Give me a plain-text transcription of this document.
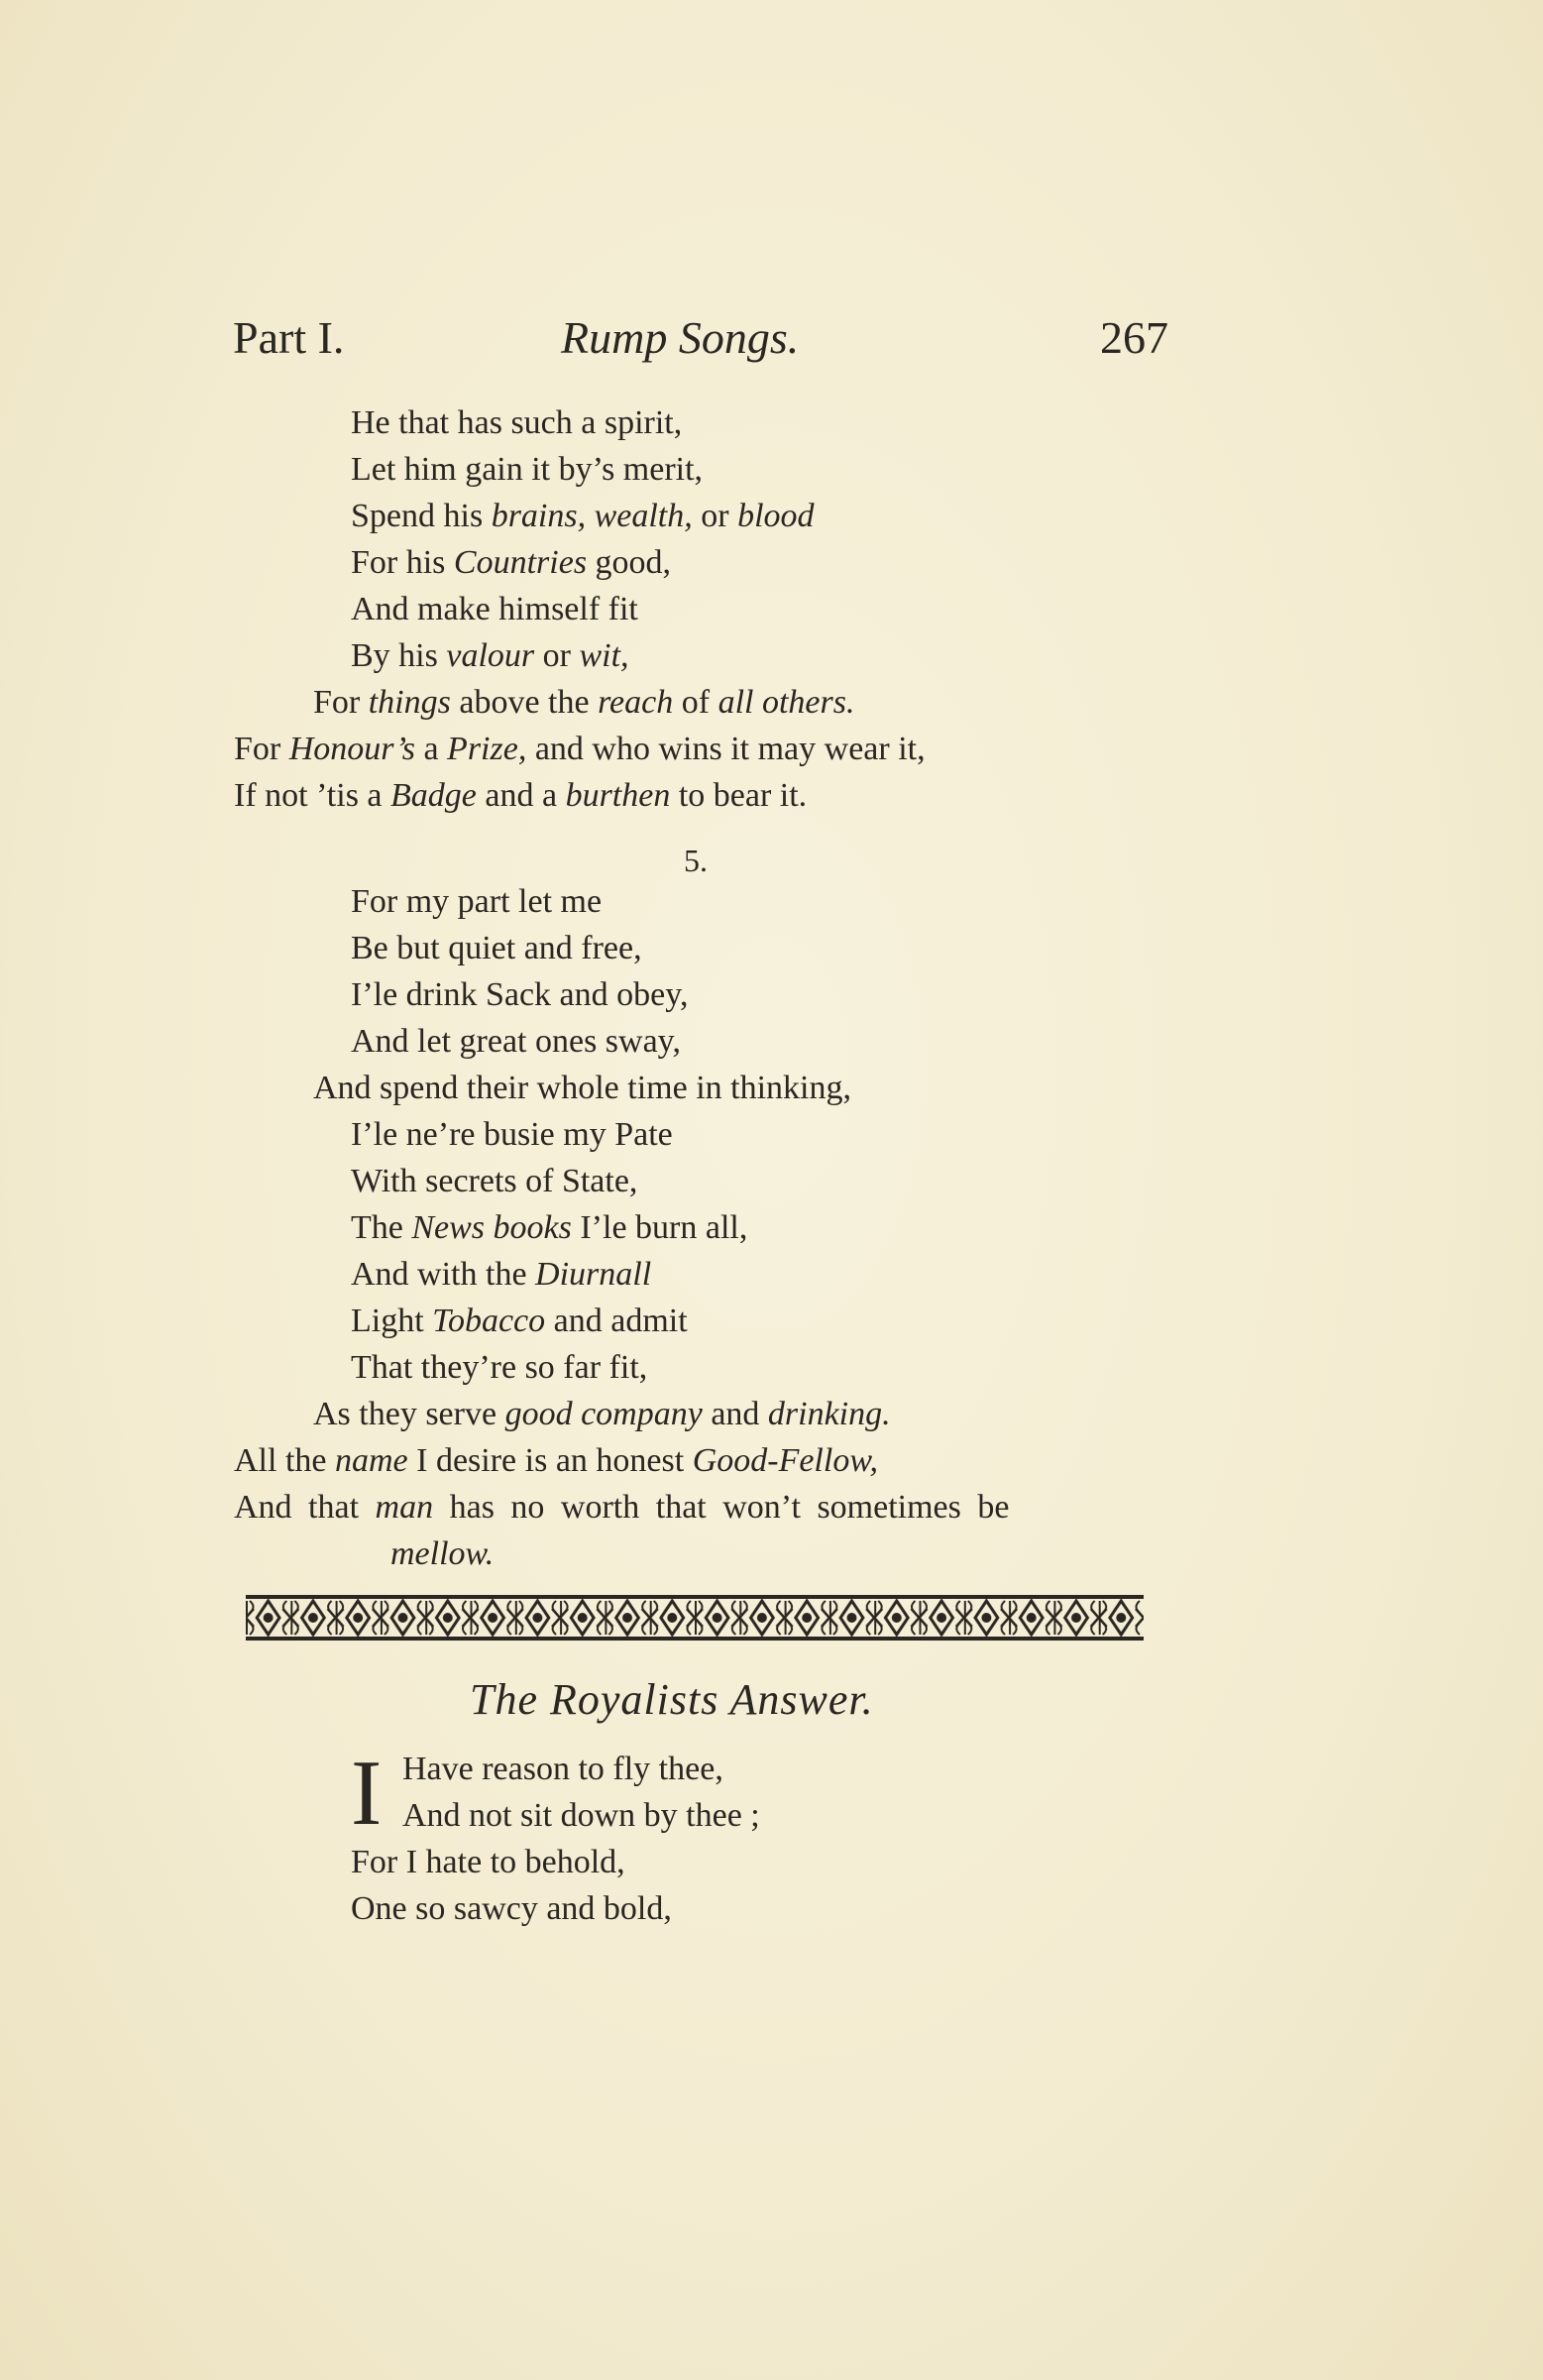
Part I.	Rump Songs.	267
He that has such a spirit,
Let him gain it by’s merit,
Spend his brains, wealth, or blood
For his Countries good,
And make himself fit
By his valour or wit,
For things above the reach of all others.
For Honour’s a Prize, and who wins it may wear it,
If not ’tis a Badge and a burthen to bear it.
5.
For my part let me
Be but quiet and free,
I’le drink Sack and obey,
And let great ones sway,
And spend their whole time in thinking,
I’le ne’re busie my Pate
With secrets of State,
The News books I’le burn all,
And with the Diurnall
Light Tobacco and admit
That they’re so far fit,
As they serve good company and drinking.
All the name I desire is an honest Good-Fellow,
And that man has no worth that won’t sometimes be
mellow.
The Royalists Answer.
I Have reason to fly thee,
And not sit down by thee ;
For I hate to behold,
One so sawcy and bold,
